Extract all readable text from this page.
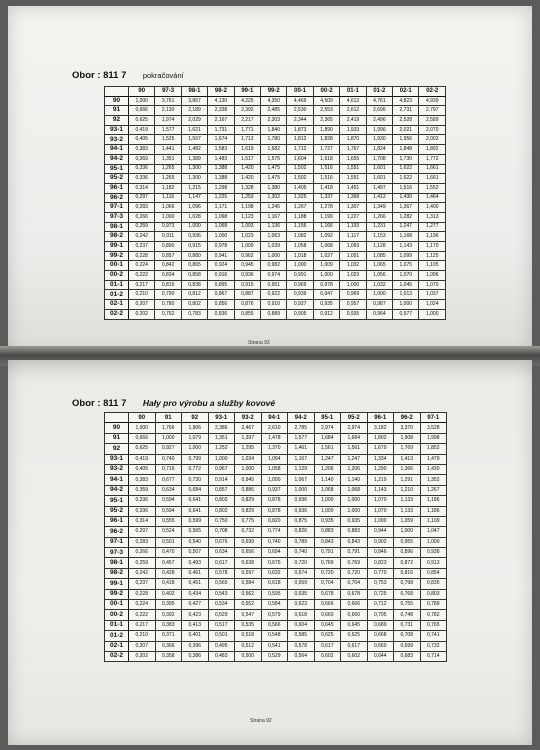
Obor : 811 7 pokračování
	90	97-3	98-1	98-2	99-1	99-2	00-1	00-2	01-1	01-2	02-1	02-2
90	1,000	3,761	3,867	4,130	4,225	4,350	4,469	4,509	4,613	4,761	4,823	4,939
91	0,666	2,130	2,189	2,338	2,392	2,485	2,530	2,553	2,612	2,696	2,731	2,797
92	0,625	1,974	2,029	2,167	2,217	2,303	2,344	2,365	2,419	2,496	2,528	2,589
93-1	0,419	1,577	1,621	1,731	1,771	1,840	1,873	1,890	1,933	1,996	2,021	2,070
93-2	0,405	1,525	1,567	1,674	1,713	1,780	1,812	1,828	1,870	1,930	1,956	2,002
94-1	0,383	1,441	1,482	1,583	1,619	1,682	1,712	1,727	1,767	1,824	1,848	1,892
94-2	0,369	1,351	1,389	1,483	1,517	1,576	1,604	1,618	1,655	1,708	1,730	1,772
95-1	0,336	1,265	1,300	1,388	1,420	1,475	1,502	1,516	1,551	1,601	1,622	1,661
95-2	0,336	1,265	1,300	1,388	1,420	1,475	1,502	1,516	1,551	1,601	1,622	1,661
96-1	0,314	1,182	1,215	1,298	1,328	1,380	1,405	1,418	1,451	1,497	1,516	1,552
96-2	0,297	1,116	1,147	1,225	1,253	1,302	1,325	1,337	1,368	1,412	1,430	1,464
97-1	0,283	1,066	1,096	1,171	1,198	1,245	1,267	1,278	1,307	1,349	1,367	1,400
97-3	0,266	1,000	1,028	1,098	1,123	1,167	1,188	1,199	1,227	1,266	1,282	1,313
98-1	0,259	0,973	1,000	1,068	1,093	1,136	1,156	1,166	1,193	1,231	1,247	1,277
98-2	0,242	0,911	0,936	1,000	1,023	1,063	1,082	1,092	1,117	1,153	1,168	1,196
99-1	0,237	0,890	0,915	0,978	1,000	1,039	1,058	1,068	1,093	1,128	1,143	1,170
99-2	0,228	0,857	0,880	0,941	0,962	1,000	1,018	1,027	1,051	1,085	1,099	1,125
00-1	0,224	0,842	0,865	0,924	0,945	0,982	1,000	1,009	1,032	1,065	1,075	1,105
00-2	0,222	0,834	0,858	0,916	0,936	0,974	0,991	1,000	1,023	1,056	1,070	1,096
01-1	0,217	0,815	0,838	0,895	0,915	0,951	0,969	0,978	1,000	1,032	1,045	1,070
01-2	0,210	0,790	0,812	0,867	0,887	0,922	0,939	0,947	0,969	1,000	1,013	1,037
02-1	0,207	0,780	0,802	0,856	0,876	0,910	0,927	0,935	0,957	0,987	1,000	1,024
02-2	0,202	0,762	0,783	0,836	0,855	0,889	0,905	0,912	0,935	0,964	0,977	1,000
Strana 93
Obor : 811 7 Hały pro výrobu a služby kovové
	90	91	92	93-1	93-2	94-1	94-2	95-1	95-2	96-1	96-2	97-1
90	1,000	1,766	1,906	2,386	2,467	2,610	2,785	2,974	2,974	3,182	3,370	3,528
91	0,666	1,000	1,079	1,351	1,397	1,478	1,577	1,684	1,684	1,802	1,908	1,998
92	0,625	0,927	1,000	1,252	1,295	1,370	1,461	1,561	1,561	1,670	1,769	1,852
93-1	0,419	0,740	0,799	1,000	1,034	1,094	1,167	1,247	1,247	1,334	1,413	1,479
93-2	0,405	0,716	0,772	0,967	1,000	1,058	1,129	1,206	1,206	1,290	1,366	1,430
94-1	0,383	0,677	0,730	0,914	0,945	1,000	1,067	1,140	1,140	1,219	1,291	1,352
94-2	0,359	0,634	0,684	0,857	0,886	0,937	1,000	1,068	1,068	1,143	1,210	1,267
95-1	0,336	0,594	0,641	0,802	0,829	0,878	0,936	1,000	1,000	1,070	1,133	1,186
95-2	0,336	0,594	0,641	0,802	0,829	0,878	0,936	1,000	1,000	1,070	1,133	1,186
96-1	0,314	0,555	0,599	0,750	0,775	0,820	0,875	0,935	0,935	1,000	1,059	1,109
96-2	0,297	0,524	0,565	0,708	0,732	0,774	0,826	0,883	0,883	0,944	1,000	1,047
97-1	0,283	0,501	0,540	0,676	0,699	0,740	0,789	0,843	0,843	0,902	0,955	1,000
97-3	0,266	0,470	0,507	0,634	0,656	0,694	0,740	0,791	0,791	0,846	0,896	0,938
98-1	0,259	0,457	0,493	0,617	0,638	0,675	0,720	0,769	0,769	0,823	0,872	0,913
98-2	0,242	0,428	0,461	0,578	0,597	0,632	0,674	0,720	0,720	0,770	0,816	0,854
99-1	0,237	0,418	0,451	0,565	0,584	0,618	0,659	0,704	0,704	0,753	0,798	0,835
99-2	0,228	0,402	0,434	0,543	0,562	0,595	0,635	0,678	0,678	0,725	0,768	0,803
00-1	0,224	0,395	0,427	0,534	0,552	0,584	0,623	0,666	0,666	0,712	0,755	0,789
00-2	0,222	0,392	0,423	0,529	0,547	0,579	0,618	0,660	0,660	0,705	0,748	0,782
01-1	0,217	0,383	0,413	0,517	0,535	0,566	0,604	0,645	0,645	0,689	0,731	0,765
01-2	0,210	0,371	0,401	0,501	0,518	0,548	0,585	0,625	0,625	0,668	0,708	0,741
02-1	0,207	0,366	0,396	0,495	0,512	0,541	0,578	0,617	0,617	0,660	0,699	0,732
02-2	0,202	0,358	0,386	0,483	0,500	0,529	0,564	0,602	0,602	0,644	0,683	0,714
Strana 92
